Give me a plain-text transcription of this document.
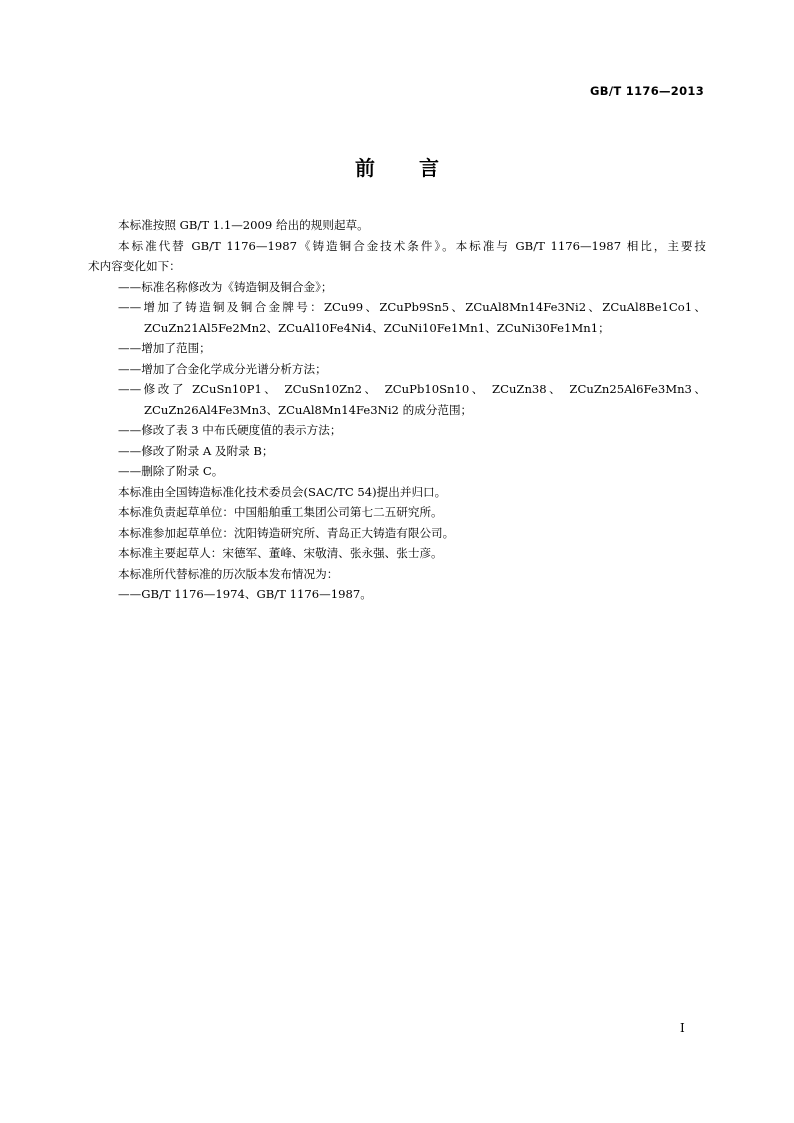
GB/T 1176—2013
前言

本标准按照 GB/T 1.1—2009 给出的规则起草。

本标准代替 GB/T 1176—1987《铸造铜合金技术条件》。本标准与 GB/T 1176—1987 相比，主要技
术内容变化如下：

——标准名称修改为《铸造铜及铜合金》；

——增加了铸造铜及铜合金牌号：ZCu99、ZCuPb9Sn5、ZCuAl8Mn14Fe3Ni2、ZCuAl8Be1Co1、
ZCuZn21Al5Fe2Mn2、ZCuAl10Fe4Ni4、ZCuNi10Fe1Mn1、ZCuNi30Fe1Mn1；

——增加了范围；

——增加了合金化学成分光谱分析方法；

——修改了 ZCuSn10P1、 ZCuSn10Zn2、 ZCuPb10Sn10、 ZCuZn38、 ZCuZn25Al6Fe3Mn3、
ZCuZn26Al4Fe3Mn3、ZCuAl8Mn14Fe3Ni2 的成分范围；

——修改了表 3 中布氏硬度值的表示方法；

——修改了附录 A 及附录 B；

——删除了附录 C。

本标准由全国铸造标准化技术委员会(SAC/TC 54)提出并归口。

本标准负责起草单位：中国船舶重工集团公司第七二五研究所。

本标准参加起草单位：沈阳铸造研究所、青岛正大铸造有限公司。

本标准主要起草人：宋德军、董峰、宋敬清、张永强、张士彦。

本标准所代替标准的历次版本发布情况为：

——GB/T 1176—1974、GB/T 1176—1987。

I
